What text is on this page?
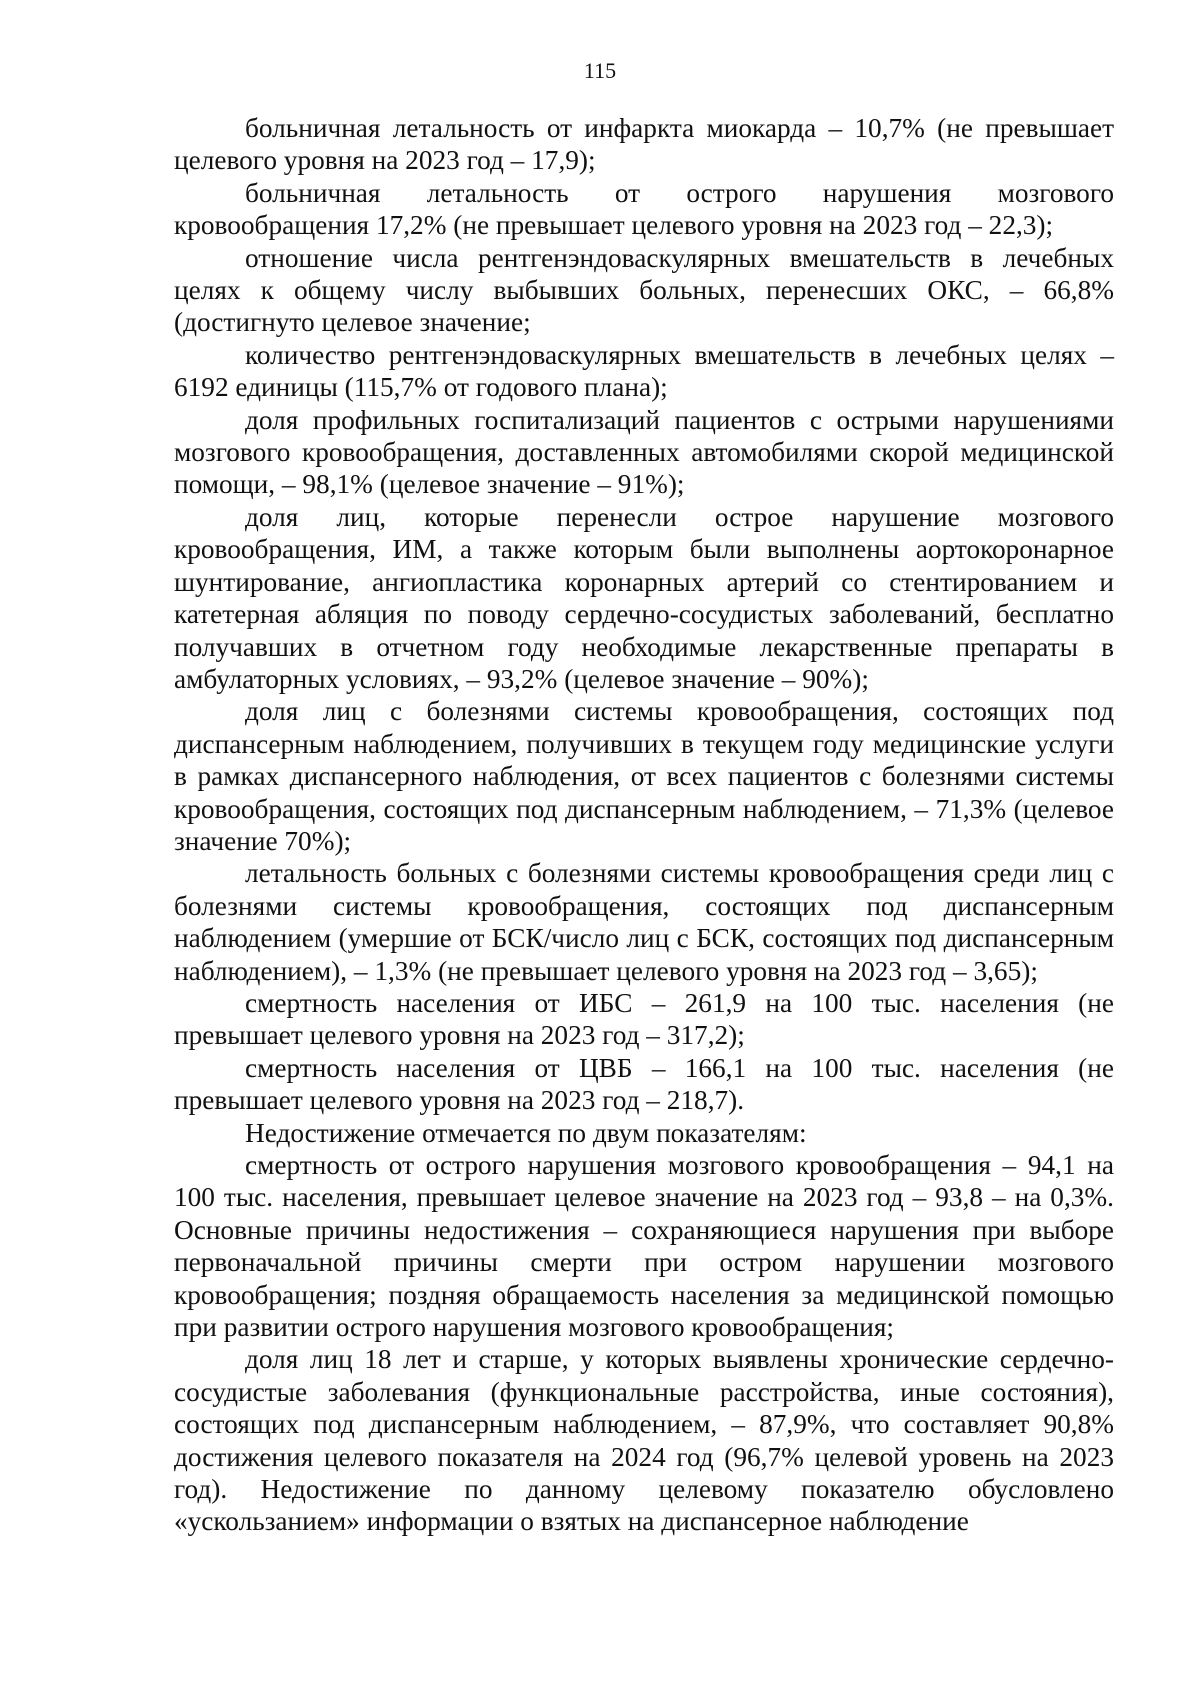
115

больничная летальность от инфаркта миокарда – 10,7% (не превышает целевого уровня на 2023 год – 17,9);

больничная летальность от острого нарушения мозгового кровообращения 17,2% (не превышает целевого уровня на 2023 год – 22,3);

отношение числа рентгенэндоваскулярных вмешательств в лечебных целях к общему числу выбывших больных, перенесших ОКС, – 66,8% (достигнуто целевое значение;

количество рентгенэндоваскулярных вмешательств в лечебных целях – 6192 единицы (115,7% от годового плана);

доля профильных госпитализаций пациентов с острыми нарушениями мозгового кровообращения, доставленных автомобилями скорой медицинской помощи, – 98,1% (целевое значение – 91%);

доля лиц, которые перенесли острое нарушение мозгового кровообращения, ИМ, а также которым были выполнены аортокоронарное шунтирование, ангиопластика коронарных артерий со стентированием и катетерная абляция по поводу сердечно-сосудистых заболеваний, бесплатно получавших в отчетном году необходимые лекарственные препараты в амбулаторных условиях, – 93,2% (целевое значение – 90%);

доля лиц с болезнями системы кровообращения, состоящих под диспансерным наблюдением, получивших в текущем году медицинские услуги в рамках диспансерного наблюдения, от всех пациентов с болезнями системы кровообращения, состоящих под диспансерным наблюдением, – 71,3% (целевое значение 70%);

летальность больных с болезнями системы кровообращения среди лиц с болезнями системы кровообращения, состоящих под диспансерным наблюдением (умершие от БСК/число лиц с БСК, состоящих под диспансерным наблюдением), – 1,3% (не превышает целевого уровня на 2023 год – 3,65);

смертность населения от ИБС – 261,9 на 100 тыс. населения (не превышает целевого уровня на 2023 год – 317,2);

смертность населения от ЦВБ – 166,1 на 100 тыс. населения (не превышает целевого уровня на 2023 год – 218,7).

Недостижение отмечается по двум показателям:

смертность от острого нарушения мозгового кровообращения – 94,1 на 100 тыс. населения, превышает целевое значение на 2023 год – 93,8 – на 0,3%. Основные причины недостижения – сохраняющиеся нарушения при выборе первоначальной причины смерти при остром нарушении мозгового кровообращения; поздняя обращаемость населения за медицинской помощью при развитии острого нарушения мозгового кровообращения;

доля лиц 18 лет и старше, у которых выявлены хронические сердечно-сосудистые заболевания (функциональные расстройства, иные состояния), состоящих под диспансерным наблюдением, – 87,9%, что составляет 90,8% достижения целевого показателя на 2024 год (96,7% целевой уровень на 2023 год). Недостижение по данному целевому показателю обусловлено «ускользанием» информации о взятых на диспансерное наблюдение
